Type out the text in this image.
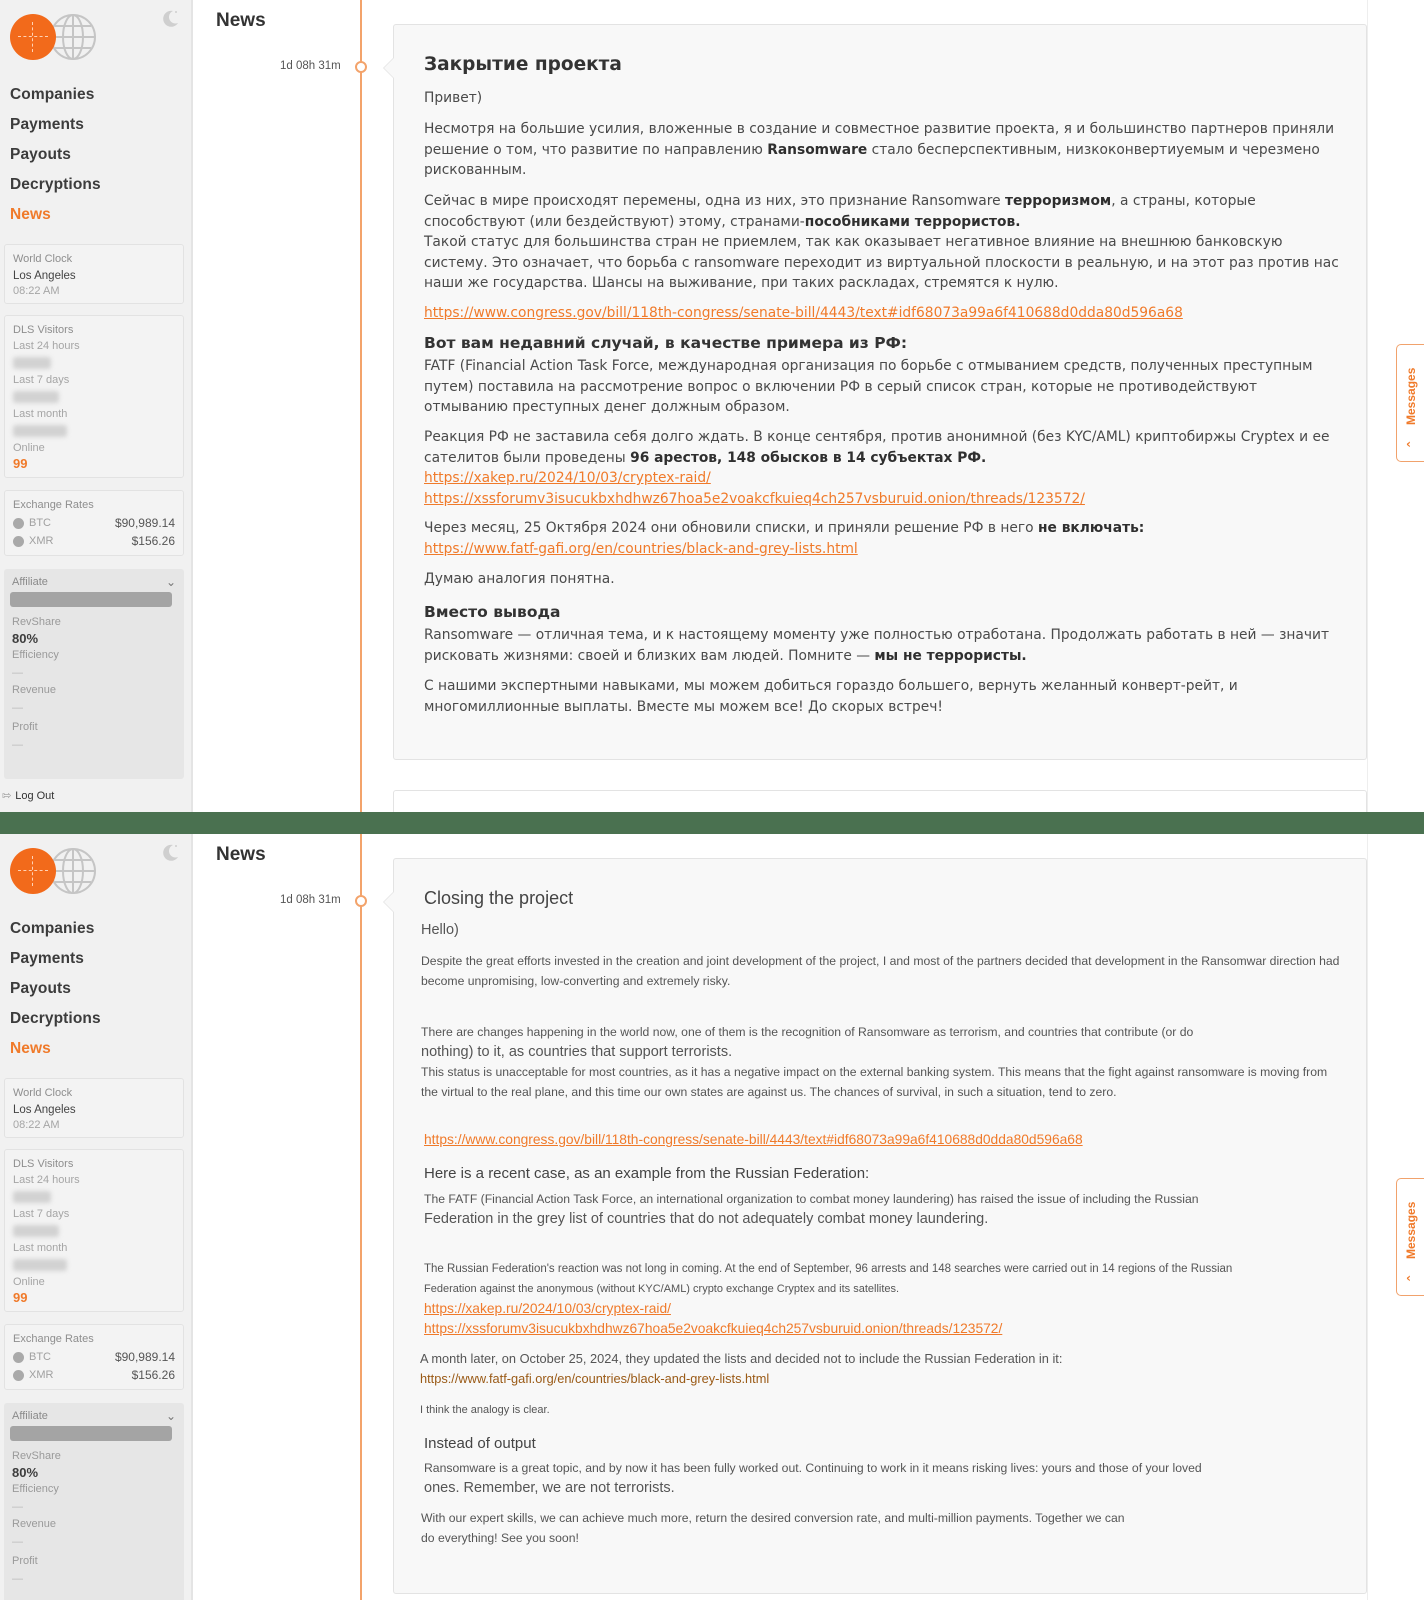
Companies
Payments
Payouts
Decryptions
News
World Clock
Los Angeles
08:22 AM
DLS Visitors
Last 24 hours
Last 7 days
Last month
Online
99
Exchange Rates
BTC	$90,989.14
XMR	$156.26
Affiliate	⌄
RevShare
80%
Efficiency
—
Revenue
—
Profit
—
⇰ Log Out
News
1d 08h 31m	Закрытие проекта

Привет)

Несмотря на большие усилия, вложенные в создание и совместное развитие проекта, я и большинство партнеров приняли решение о том, что развитие по направлению Ransomware стало бесперспективным, низкоконвертиуемым и черезмено рискованным.

Сейчас в мире происходят перемены, одна из них, это признание Ransomware терроризмом, а страны, которые способствуют (или бездействуют) этому, странами-пособниками террористов.
Такой статус для большинства стран не приемлем, так как оказывает негативное влияние на внешнюю банковскую систему. Это означает, что борьба с ransomware переходит из виртуальной плоскости в реальную, и на этот раз против нас наши же государства. Шансы на выживание, при таких раскладах, стремятся к нулю.

https://www.congress.gov/bill/118th-congress/senate-bill/4443/text#idf68073a99a6f410688d0dda80d596a68

Вот вам недавний случай, в качестве примера из РФ:

FATF (Financial Action Task Force, международная организация по борьбе с отмыванием средств, полученных преступным путем) поставила на рассмотрение вопрос о включении РФ в серый список стран, которые не противодействуют отмыванию преступных денег должным образом.

Реакция РФ не заставила себя долго ждать. В конце сентября, против анонимной (без KYC/AML) криптобиржы Cryptex и ее сателитов были проведены 96 арестов, 148 обысков в 14 субъектах РФ.
https://xakep.ru/2024/10/03/cryptex-raid/
https://xssforumv3isucukbxhdhwz67hoa5e2voakcfkuieq4ch257vsburuid.onion/threads/123572/

Через месяц, 25 Октября 2024 они обновили списки, и приняли решение РФ в него не включать:
https://www.fatf-gafi.org/en/countries/black-and-grey-lists.html

Думаю аналогия понятна.

Вместо вывода

Ransomware — отличная тема, и к настоящему моменту уже полностью отработана. Продолжать работать в ней — значит рисковать жизнями: своей и близких вам людей. Помните — мы не террористы.

С нашими экспертными навыками, мы можем добиться гораздо большего, вернуть желанный конверт-рейт, и многомиллионные выплаты. Вместе мы можем все! До скорых встреч!

Messages
‹
Companies
Payments
Payouts
Decryptions
News
World Clock
Los Angeles
08:22 AM
DLS Visitors
Last 24 hours
Last 7 days
Last month
Online
99
Exchange Rates
BTC	$90,989.14
XMR	$156.26
Affiliate	⌄
RevShare
80%
Efficiency
—
Revenue
—
Profit
—
News
1d 08h 31m	Closing the project

Hello)

Despite the great efforts invested in the creation and joint development of the project, I and most of the partners decided that development in the Ransomwar direction had become unpromising, low-converting and extremely risky.

There are changes happening in the world now, one of them is the recognition of Ransomware as terrorism, and countries that contribute (or do
nothing) to it, as countries that support terrorists.
This status is unacceptable for most countries, as it has a negative impact on the external banking system. This means that the fight against ransomware is moving from the virtual to the real plane, and this time our own states are against us. The chances of survival, in such a situation, tend to zero.

https://www.congress.gov/bill/118th-congress/senate-bill/4443/text#idf68073a99a6f410688d0dda80d596a68

Here is a recent case, as an example from the Russian Federation:

The FATF (Financial Action Task Force, an international organization to combat money laundering) has raised the issue of including the Russian
Federation in the grey list of countries that do not adequately combat money laundering.

The Russian Federation's reaction was not long in coming. At the end of September, 96 arrests and 148 searches were carried out in 14 regions of the Russian
Federation against the anonymous (without KYC/AML) crypto exchange Cryptex and its satellites.
https://xakep.ru/2024/10/03/cryptex-raid/
https://xssforumv3isucukbxhdhwz67hoa5e2voakcfkuieq4ch257vsburuid.onion/threads/123572/

A month later, on October 25, 2024, they updated the lists and decided not to include the Russian Federation in it:
https://www.fatf-gafi.org/en/countries/black-and-grey-lists.html

I think the analogy is clear.

Instead of output

Ransomware is a great topic, and by now it has been fully worked out. Continuing to work in it means risking lives: yours and those of your loved
ones. Remember, we are not terrorists.

With our expert skills, we can achieve much more, return the desired conversion rate, and multi-million payments. Together we can
do everything! See you soon!

Messages
‹
